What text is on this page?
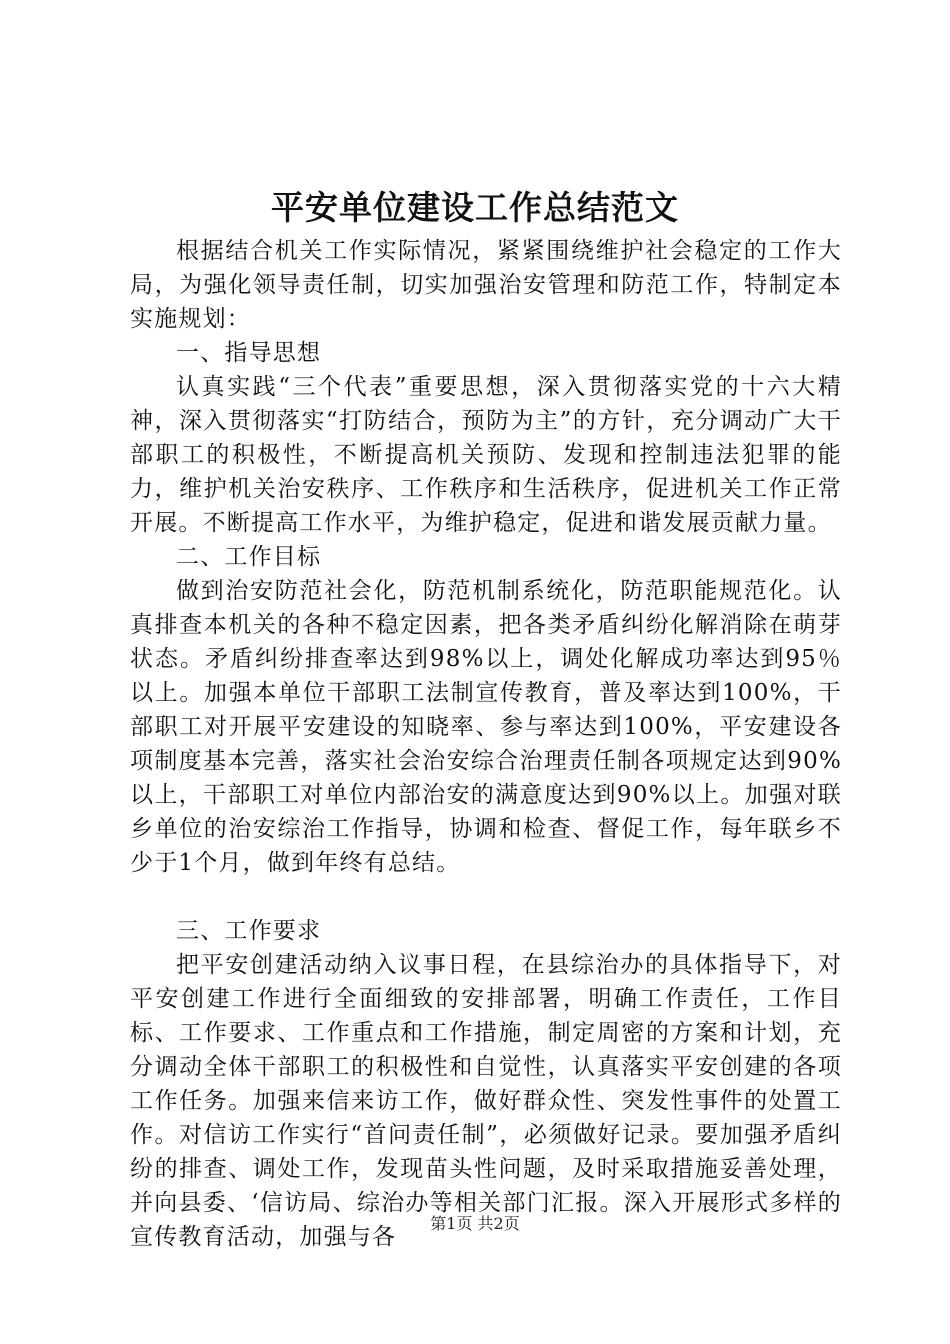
平安单位建设工作总结范文

根据结合机关工作实际情况，紧紧围绕维护社会稳定的工作大局，为强化领导责任制，切实加强治安管理和防范工作，特制定本实施规划：

一、指导思想

认真实践“三个代表”重要思想，深入贯彻落实党的十六大精神，深入贯彻落实“打防结合，预防为主”的方针，充分调动广大干部职工的积极性，不断提高机关预防、发现和控制违法犯罪的能力，维护机关治安秩序、工作秩序和生活秩序，促进机关工作正常开展。不断提高工作水平，为维护稳定，促进和谐发展贡献力量。

二、工作目标

做到治安防范社会化，防范机制系统化，防范职能规范化。认真排查本机关的各种不稳定因素，把各类矛盾纠纷化解消除在萌芽状态。矛盾纠纷排查率达到98%以上，调处化解成功率达到95％以上。加强本单位干部职工法制宣传教育，普及率达到100%，干部职工对开展平安建设的知晓率、参与率达到100%，平安建设各项制度基本完善，落实社会治安综合治理责任制各项规定达到90%以上，干部职工对单位内部治安的满意度达到90%以上。加强对联乡单位的治安综治工作指导，协调和检查、督促工作，每年联乡不少于1个月，做到年终有总结。

三、工作要求

把平安创建活动纳入议事日程，在县综治办的具体指导下，对平安创建工作进行全面细致的安排部署，明确工作责任，工作目标、工作要求、工作重点和工作措施，制定周密的方案和计划，充分调动全体干部职工的积极性和自觉性，认真落实平安创建的各项工作任务。加强来信来访工作，做好群众性、突发性事件的处置工作。对信访工作实行“首问责任制”，必须做好记录。要加强矛盾纠纷的排查、调处工作，发现苗头性问题，及时采取措施妥善处理，并向县委、‘信访局、综治办等相关部门汇报。深入开展形式多样的宣传教育活动，加强与各

第1页 共2页
